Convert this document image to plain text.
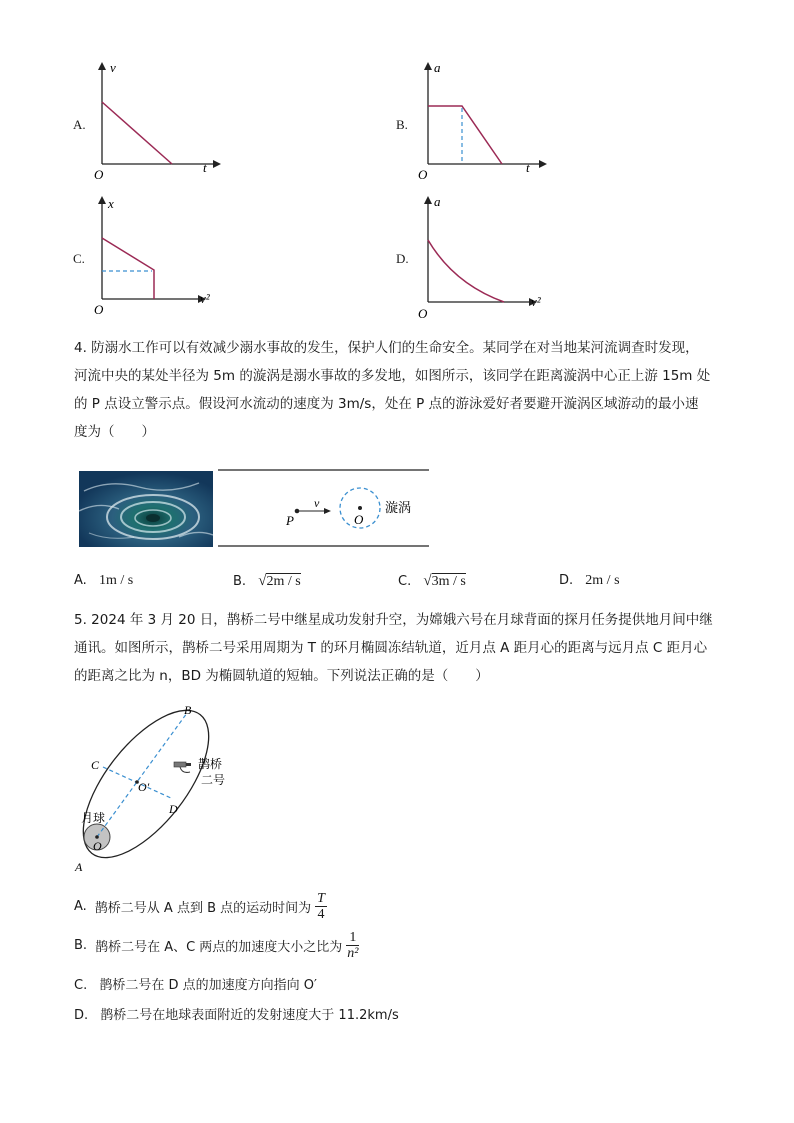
A.
v
t
O
B.
a
t
O
C.
x
v²
O
D.
a
v²
O
4. 防溺水工作可以有效减少溺水事故的发生，保护人们的生命安全。某同学在对当地某河流调查时发现，
河流中央的某处半径为 5m 的漩涡是溺水事故的多发地，如图所示，该同学在距离漩涡中心正上游 15m 处
的 P 点设立警示点。假设河水流动的速度为 3m/s，处在 P 点的游泳爱好者要避开漩涡区域游动的最小速
度为（　　）
P
v
O
漩涡
A. 1m / s	B. √2m / s	C. √3m / s	D. 2m / s
5. 2024 年 3 月 20 日，鹊桥二号中继星成功发射升空，为嫦娥六号在月球背面的探月任务提供地月间中继
通讯。如图所示，鹊桥二号采用周期为 T 的环月椭圆冻结轨道，近月点 A 距月心的距离与远月点 C 距月心
的距离之比为 n，BD 为椭圆轨道的短轴。下列说法正确的是（　　）
B
C
O′
D
O
A
月球
鹊桥
二号
A. 鹊桥二号从 A 点到 B 点的运动时间为 $\frac{T}{4}$
B. 鹊桥二号在 A、C 两点的加速度大小之比为 $\frac{1}{\text{n²}}$
C. 鹊桥二号在 D 点的加速度方向指向 O′
D. 鹊桥二号在地球表面附近的发射速度大于 11.2km/s
